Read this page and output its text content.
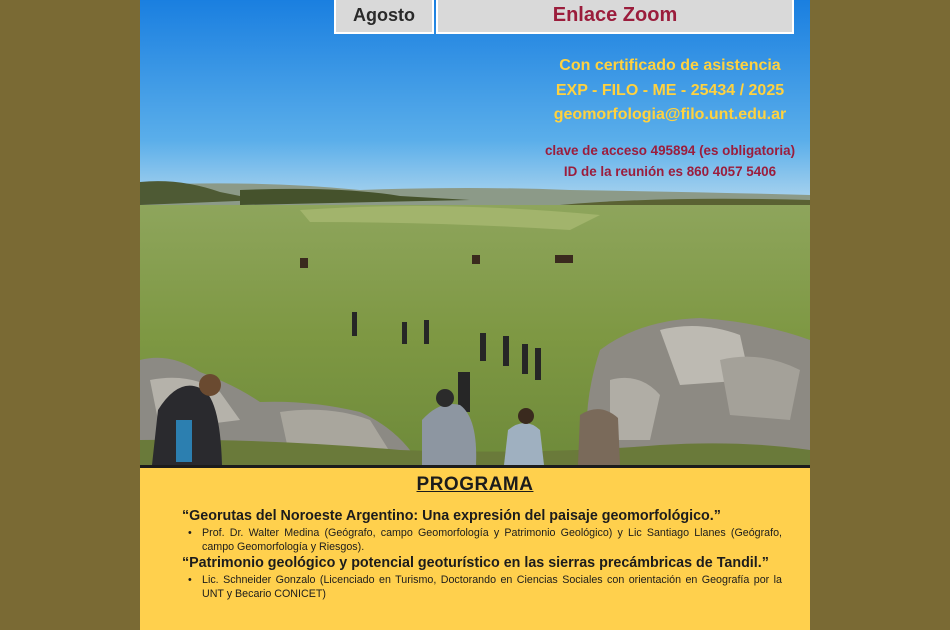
Agosto	Enlace Zoom
Con certificado de asistencia
EXP - FILO - ME - 25434 / 2025
geomorfologia@filo.unt.edu.ar
clave de acceso 495894 (es obligatoria)
ID de la reunión es 860 4057 5406
PROGRAMA
“Georutas del Noroeste Argentino: Una expresión del paisaje geomorfológico.”
• Prof. Dr. Walter Medina (Geógrafo, campo Geomorfología y Patrimonio Geológico) y Lic Santiago Llanes (Geógrafo, campo Geomorfología y Riesgos).
“Patrimonio geológico y potencial geoturístico en las sierras precámbricas de Tandil.”
• Lic. Schneider Gonzalo (Licenciado en Turismo, Doctorando en Ciencias Sociales con orientación en Geografía por la UNT y Becario CONICET)
